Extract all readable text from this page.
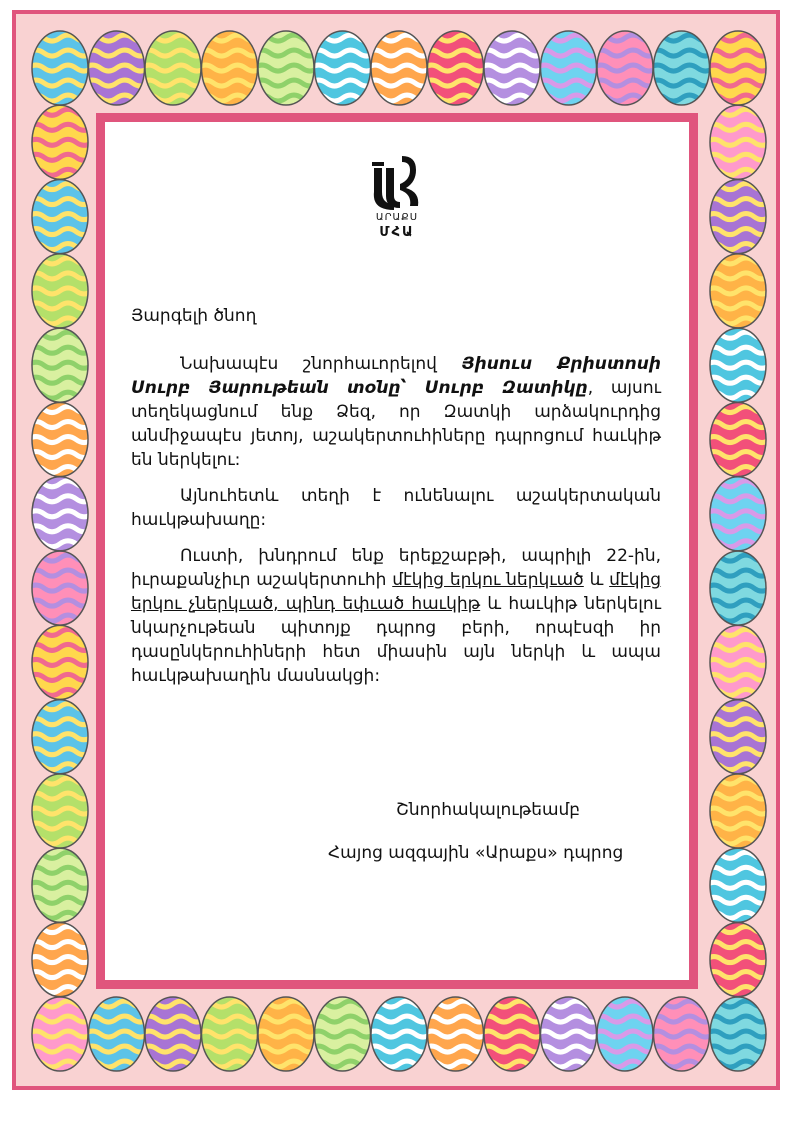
ԱՐԱՔՍ
ՄՀԱ

Յարգելի ծնող

Նախապէս շնորհաւորելով Յիսուս Քրիստոսի Սուրբ Յարութեան տօնը՝ Սուրբ Զատիկը, այսու տեղեկացնում ենք Ձեզ, որ Զատկի արձակուրդից անմիջապէս յետոյ, աշակերտուհիները դպրոցում հաւկիթ են ներկելու:

Այնուհետև տեղի է ունենալու աշակերտական հաւկթախաղը:

Ուստի, խնդրում ենք երեքշաբթի, ապրիլի 22-ին, իւրաքանչիւր աշակերտուհի մէկից երկու ներկւած և մէկից երկու չներկւած, պինդ եփւած հաւկիթ և հաւկիթ ներկելու նկարչութեան պիտոյք դպրոց բերի, որպէսզի իր դասընկերուհիների հետ միասին այն ներկի և ապա հաւկթախաղին մասնակցի:

Շնորհակալութեամբ
Հայոց ազգային «Արաքս» դպրոց
